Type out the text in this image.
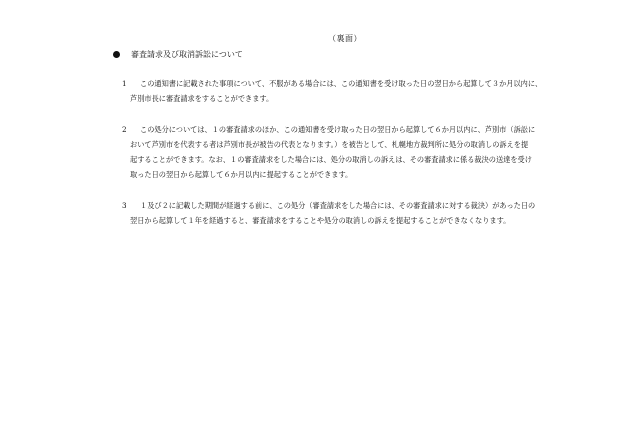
（裏面）
審査請求及び取消訴訟について
1	この通知書に記載された事項について、不服がある場合には、この通知書を受け取った日の翌日から起算して３か月以内に、
芦別市長に審査請求をすることができます。
2	この処分については、１の審査請求のほか、この通知書を受け取った日の翌日から起算して６か月以内に、芦別市（訴訟に
おいて芦別市を代表する者は芦別市長が被告の代表となります。）を被告として、札幌地方裁判所に処分の取消しの訴えを提
起することができます。なお、１の審査請求をした場合には、処分の取消しの訴えは、その審査請求に係る裁決の送達を受け
取った日の翌日から起算して６か月以内に提起することができます。
3	１及び２に記載した期間が経過する前に、この処分（審査請求をした場合には、その審査請求に対する裁決）があった日の
翌日から起算して１年を経過すると、審査請求をすることや処分の取消しの訴えを提起することができなくなります。
